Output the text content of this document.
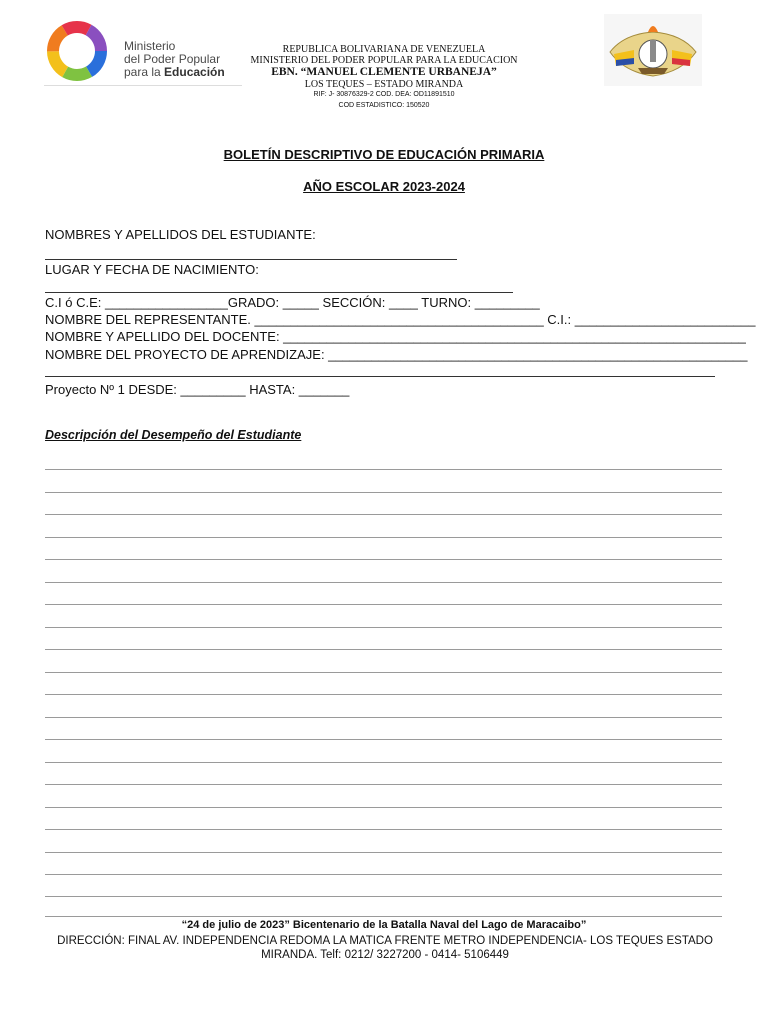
Ministerio
del Poder Popular
para la Educación
REPUBLICA BOLIVARIANA DE VENEZUELA
MINISTERIO DEL PODER POPULAR PARA LA EDUCACION
EBN. “MANUEL CLEMENTE URBANEJA”
LOS TEQUES – ESTADO MIRANDA
RIF: J- 30876329-2 COD. DEA: OD11891510
COD ESTADISTICO: 150520
BOLETÍN DESCRIPTIVO DE EDUCACIÓN PRIMARIA
AÑO ESCOLAR 2023-2024
NOMBRES Y APELLIDOS DEL ESTUDIANTE:
LUGAR Y FECHA DE NACIMIENTO:
C.I ó C.E: _________________GRADO: _____ SECCIÓN: ____ TURNO: _________
NOMBRE DEL REPRESENTANTE. ________________________________________ C.I.: _________________________
NOMBRE Y APELLIDO DEL DOCENTE: ________________________________________________________________
NOMBRE DEL PROYECTO DE APRENDIZAJE: __________________________________________________________
Proyecto Nº 1 DESDE: _________ HASTA: _______
Descripción del Desempeño del Estudiante
“24 de julio de 2023” Bicentenario de la Batalla Naval del Lago de Maracaibo”
DIRECCIÓN: FINAL AV. INDEPENDENCIA REDOMA LA MATICA FRENTE METRO INDEPENDENCIA- LOS TEQUES ESTADO MIRANDA. Telf: 0212/ 3227200 - 0414- 5106449
